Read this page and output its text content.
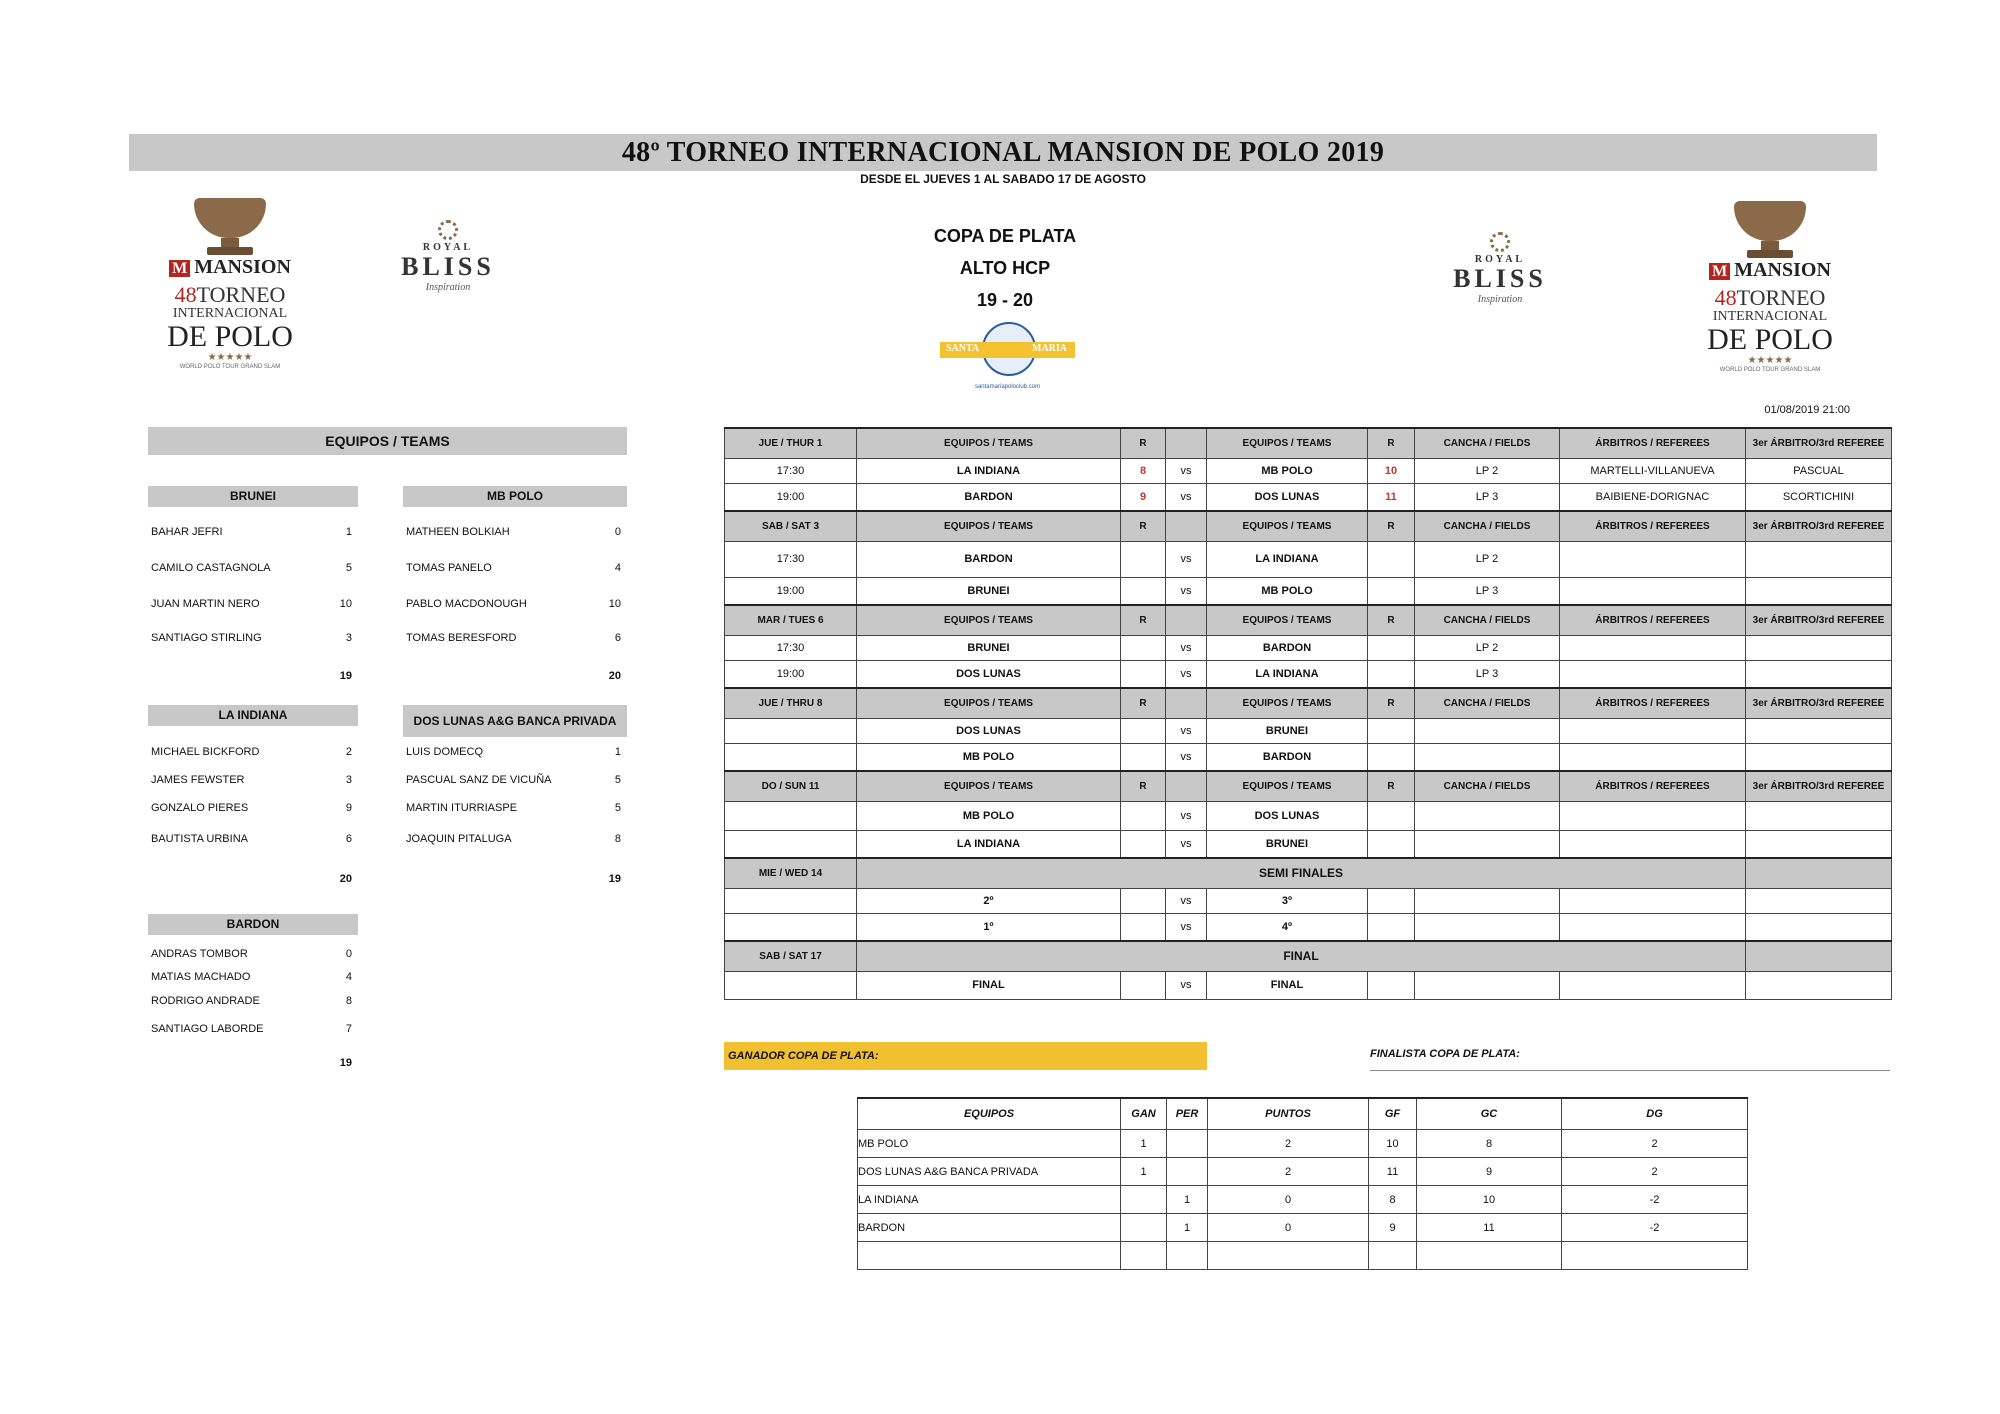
48º TORNEO INTERNACIONAL MANSION DE POLO 2019
DESDE EL JUEVES 1 AL SABADO 17 DE AGOSTO
M MANSION
48TORNEO
INTERNACIONAL
DE POLO
★★★★★
WORLD POLO TOUR GRAND SLAM
M MANSION
48TORNEO
INTERNACIONAL
DE POLO
★★★★★
WORLD POLO TOUR GRAND SLAM
ROYAL
BLISS
Inspiration
ROYAL
BLISS
Inspiration
COPA DE PLATA
ALTO HCP
19 - 20
SANTA	MARIA
santamariapoloclub.com
01/08/2019 21:00
EQUIPOS / TEAMS
BRUNEI
BAHAR JEFRI	1
CAMILO CASTAGNOLA	5
JUAN MARTIN NERO	10
SANTIAGO STIRLING	3
19
MB POLO
MATHEEN BOLKIAH	0
TOMAS PANELO	4
PABLO MACDONOUGH	10
TOMAS BERESFORD	6
20
LA INDIANA
MICHAEL BICKFORD	2
JAMES FEWSTER	3
GONZALO PIERES	9
BAUTISTA URBINA	6
20
DOS LUNAS A&G BANCA PRIVADA
LUIS DOMECQ	1
PASCUAL SANZ DE VICUÑA	5
MARTIN ITURRIASPE	5
JOAQUIN PITALUGA	8
19
BARDON
ANDRAS TOMBOR	0
MATIAS MACHADO	4
RODRIGO ANDRADE	8
SANTIAGO LABORDE	7
19
JUE / THUR 1	EQUIPOS / TEAMS	R		EQUIPOS / TEAMS	R	CANCHA / FIELDS	ÁRBITROS / REFEREES	3er ÁRBITRO/3rd REFEREE
17:30	LA INDIANA	8	vs	MB POLO	10	LP 2	MARTELLI-VILLANUEVA	PASCUAL
19:00	BARDON	9	vs	DOS LUNAS	11	LP 3	BAIBIENE-DORIGNAC	SCORTICHINI
SAB / SAT 3	EQUIPOS / TEAMS	R		EQUIPOS / TEAMS	R	CANCHA / FIELDS	ÁRBITROS / REFEREES	3er ÁRBITRO/3rd REFEREE
17:30	BARDON		vs	LA INDIANA		LP 2		
19:00	BRUNEI		vs	MB POLO		LP 3		
MAR / TUES 6	EQUIPOS / TEAMS	R		EQUIPOS / TEAMS	R	CANCHA / FIELDS	ÁRBITROS / REFEREES	3er ÁRBITRO/3rd REFEREE
17:30	BRUNEI		vs	BARDON		LP 2		
19:00	DOS LUNAS		vs	LA INDIANA		LP 3		
JUE / THRU 8	EQUIPOS / TEAMS	R		EQUIPOS / TEAMS	R	CANCHA / FIELDS	ÁRBITROS / REFEREES	3er ÁRBITRO/3rd REFEREE
	DOS LUNAS		vs	BRUNEI				
	MB POLO		vs	BARDON				
DO / SUN 11	EQUIPOS / TEAMS	R		EQUIPOS / TEAMS	R	CANCHA / FIELDS	ÁRBITROS / REFEREES	3er ÁRBITRO/3rd REFEREE
	MB POLO		vs	DOS LUNAS				
	LA INDIANA		vs	BRUNEI				
MIE / WED 14	SEMI FINALES							
	2º		vs	3º				
	1º		vs	4º				
SAB / SAT 17	FINAL							
	FINAL		vs	FINAL				
GANADOR COPA DE PLATA:	FINALISTA COPA DE PLATA:
EQUIPOS	GAN	PER	PUNTOS	GF	GC	DG
MB POLO	1		2	10	8	2
DOS LUNAS A&G BANCA PRIVADA	1		2	11	9	2
LA INDIANA		1	0	8	10	-2
BARDON		1	0	9	11	-2
